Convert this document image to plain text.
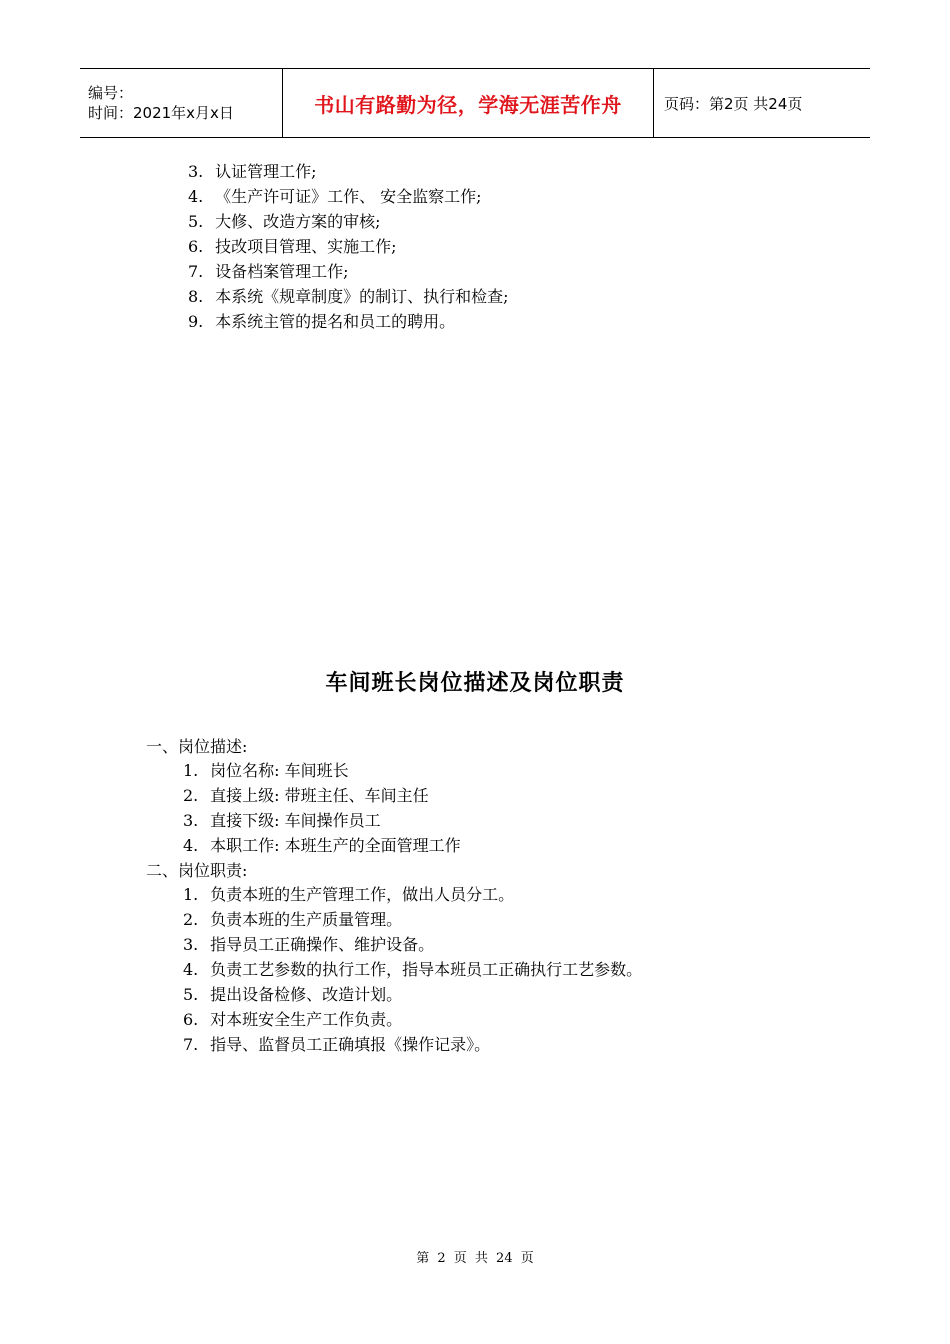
编号：
时间：2021年x月x日	书山有路勤为径，学海无涯苦作舟	页码：第2页 共24页
3. 认证管理工作;
4. 《生产许可证》工作、 安全监察工作;
5. 大修、改造方案的审核;
6. 技改项目管理、实施工作;
7. 设备档案管理工作;
8. 本系统《规章制度》的制订、执行和检查;
9. 本系统主管的提名和员工的聘用。
车间班长岗位描述及岗位职责
一、岗位描述:
1. 岗位名称: 车间班长
2. 直接上级: 带班主任、车间主任
3. 直接下级: 车间操作员工
4. 本职工作: 本班生产的全面管理工作
二、岗位职责:
1. 负责本班的生产管理工作，做出人员分工。
2. 负责本班的生产质量管理。
3. 指导员工正确操作、维护设备。
4. 负责工艺参数的执行工作，指导本班员工正确执行工艺参数。
5. 提出设备检修、改造计划。
6. 对本班安全生产工作负责。
7. 指导、监督员工正确填报《操作记录》。
第 2 页 共 24 页
